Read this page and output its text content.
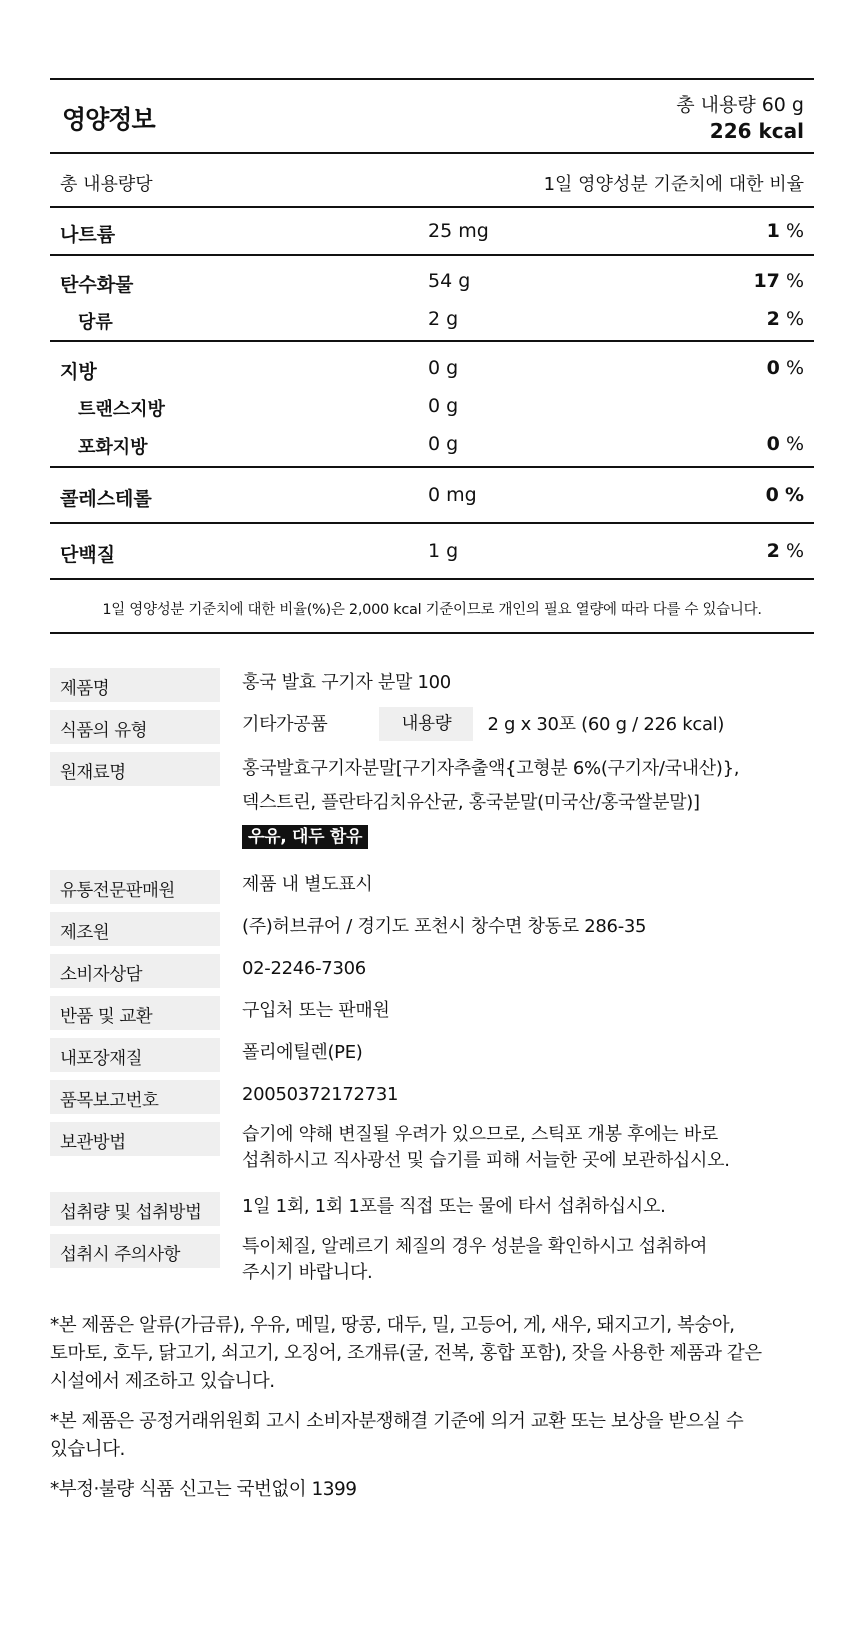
영양정보	총 내용량 60 g
226 kcal
총 내용량당	1일 영양성분 기준치에 대한 비율
나트륨	25 mg	1 %
탄수화물	54 g	17 %
당류	2 g	2 %
지방	0 g	0 %
트랜스지방	0 g
포화지방	0 g	0 %
콜레스테롤	0 mg	0 %
단백질	1 g	2 %
1일 영양성분 기준치에 대한 비율(%)은 2,000 kcal 기준이므로 개인의 필요 열량에 따라 다를 수 있습니다.
제품명	홍국 발효 구기자 분말 100
식품의 유형	기타가공품	내용량 2 g x 30포 (60 g / 226 kcal)
원재료명	홍국발효구기자분말[구기자추출액{고형분 6%(구기자/국내산)},
덱스트린, 플란타김치유산균, 홍국분말(미국산/홍국쌀분말)]
우유, 대두 함유
유통전문판매원	제품 내 별도표시
제조원	(주)허브큐어 / 경기도 포천시 창수면 창동로 286-35
소비자상담	02-2246-7306
반품 및 교환	구입처 또는 판매원
내포장재질	폴리에틸렌(PE)
품목보고번호	20050372172731
보관방법	습기에 약해 변질될 우려가 있으므로, 스틱포 개봉 후에는 바로
섭취하시고 직사광선 및 습기를 피해 서늘한 곳에 보관하십시오.
섭취량 및 섭취방법	1일 1회, 1회 1포를 직접 또는 물에 타서 섭취하십시오.
섭취시 주의사항	특이체질, 알레르기 체질의 경우 성분을 확인하시고 섭취하여
주시기 바랍니다.

*본 제품은 알류(가금류), 우유, 메밀, 땅콩, 대두, 밀, 고등어, 게, 새우, 돼지고기, 복숭아,
토마토, 호두, 닭고기, 쇠고기, 오징어, 조개류(굴, 전복, 홍합 포함), 잣을 사용한 제품과 같은
시설에서 제조하고 있습니다.

*본 제품은 공정거래위원회 고시 소비자분쟁해결 기준에 의거 교환 또는 보상을 받으실 수
있습니다.

*부정·불량 식품 신고는 국번없이 1399
